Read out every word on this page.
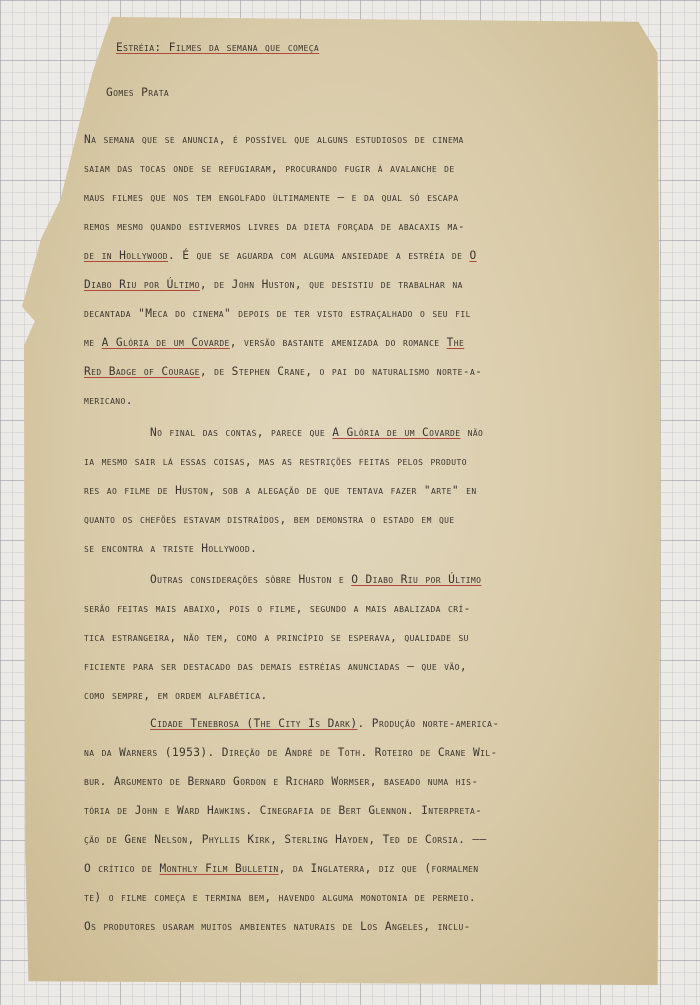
Estréia: Filmes da semana que começa
Gomes Prata
Na semana que se anuncia, é possível que alguns estudiosos de cinema
saiam das tocas onde se refugiaram, procurando fugir à avalanche de
maus filmes que nos tem engolfado ùltimamente — e da qual só escapa
remos mesmo quando estivermos livres da dieta forçada de abacaxis ma-
de in Hollywood. É que se aguarda com alguma ansiedade a estréia de O
Diabo Riu por Último, de John Huston, que desistiu de trabalhar na
decantada "Meca do cinema" depois de ter visto estraçalhado o seu fil
me A Glória de um Covarde, versão bastante amenizada do romance The
Red Badge of Courage, de Stephen Crane, o pai do naturalismo norte-a-
mericano.
No final das contas, parece que A Glória de um Covarde não
ia mesmo sair lá essas coisas, mas as restrições feitas pelos produto
res ao filme de Huston, sob a alegação de que tentava fazer "arte" en
quanto os chefões estavam distraídos, bem demonstra o estado em que
se encontra a triste Hollywood.
Outras considerações sôbre Huston e O Diabo Riu por Último
serão feitas mais abaixo, pois o filme, segundo a mais abalizada crí-
tica estrangeira, não tem, como a princípio se esperava, qualidade su
ficiente para ser destacado das demais estréias anunciadas — que vão,
como sempre, em ordem alfabética.
Cidade Tenebrosa (The City Is Dark). Produção norte-america-
na da Warners (1953). Direção de André de Toth. Roteiro de Crane Wil-
bur. Argumento de Bernard Gordon e Richard Wormser, baseado numa his-
tória de John e Ward Hawkins. Cinegrafia de Bert Glennon. Interpreta-
ção de Gene Nelson, Phyllis Kirk, Sterling Hayden, Ted de Corsia. ——
O crítico de Monthly Film Bulletin, da Inglaterra, diz que (formalmen
te) o filme começa e termina bem, havendo alguma monotonia de permeio.
Os produtores usaram muitos ambientes naturais de Los Angeles, inclu-
